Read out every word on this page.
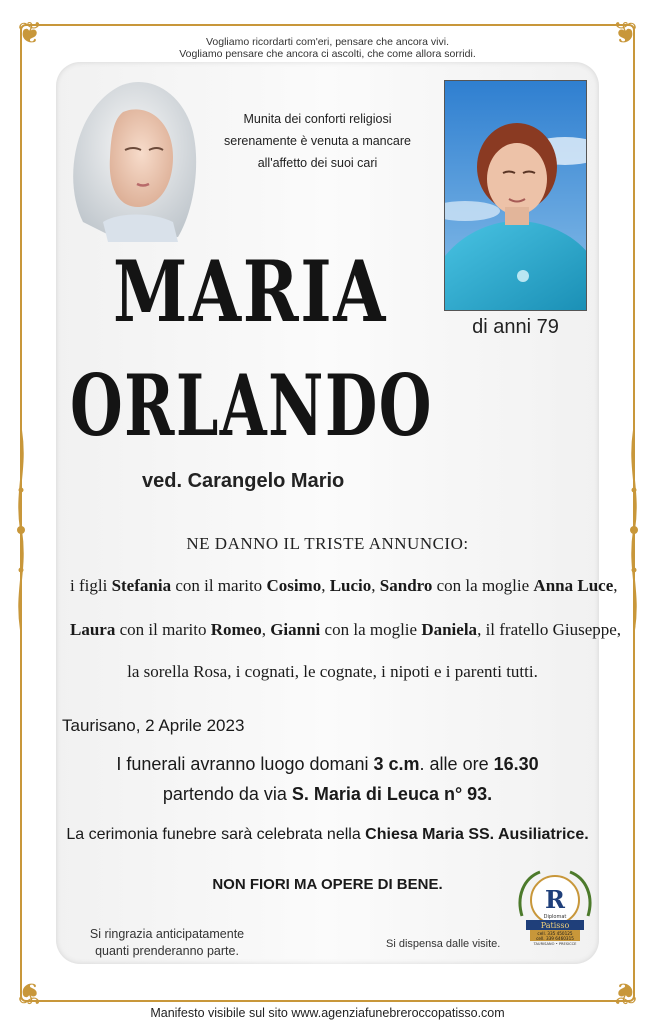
❦	❦
❦	❦
Vogliamo ricordarti com'eri, pensare che ancora vivi.
Vogliamo pensare che ancora ci ascolti, che come allora sorridi.
Munita dei conforti religiosi
serenamente è venuta a mancare
all'affetto dei suoi cari
di anni 79
MARIA
ORLANDO
ved. Carangelo Mario
NE DANNO IL TRISTE ANNUNCIO:
i figli Stefania con il marito Cosimo, Lucio, Sandro con la moglie Anna Luce,
Laura con il marito Romeo, Gianni con la moglie Daniela, il fratello Giuseppe,
la sorella Rosa, i cognati, le cognate, i nipoti e i parenti tutti.
Taurisano, 2 Aprile 2023
I funerali avranno luogo domani 3 c.m. alle ore 16.30
partendo da via S. Maria di Leuca n° 93.
La cerimonia funebre sarà celebrata nella Chiesa Maria SS. Ausiliatrice.
NON FIORI MA OPERE DI BENE.
Si ringrazia anticipatamente
quanti prenderanno parte.	Si dispensa dalle visite.
R
Diplomat
Patisso
cell. 335 450125
cell. 339 6460315
TAURISANO • PRESICCE
Manifesto visibile sul sito www.agenziafunebreroccopatisso.com
